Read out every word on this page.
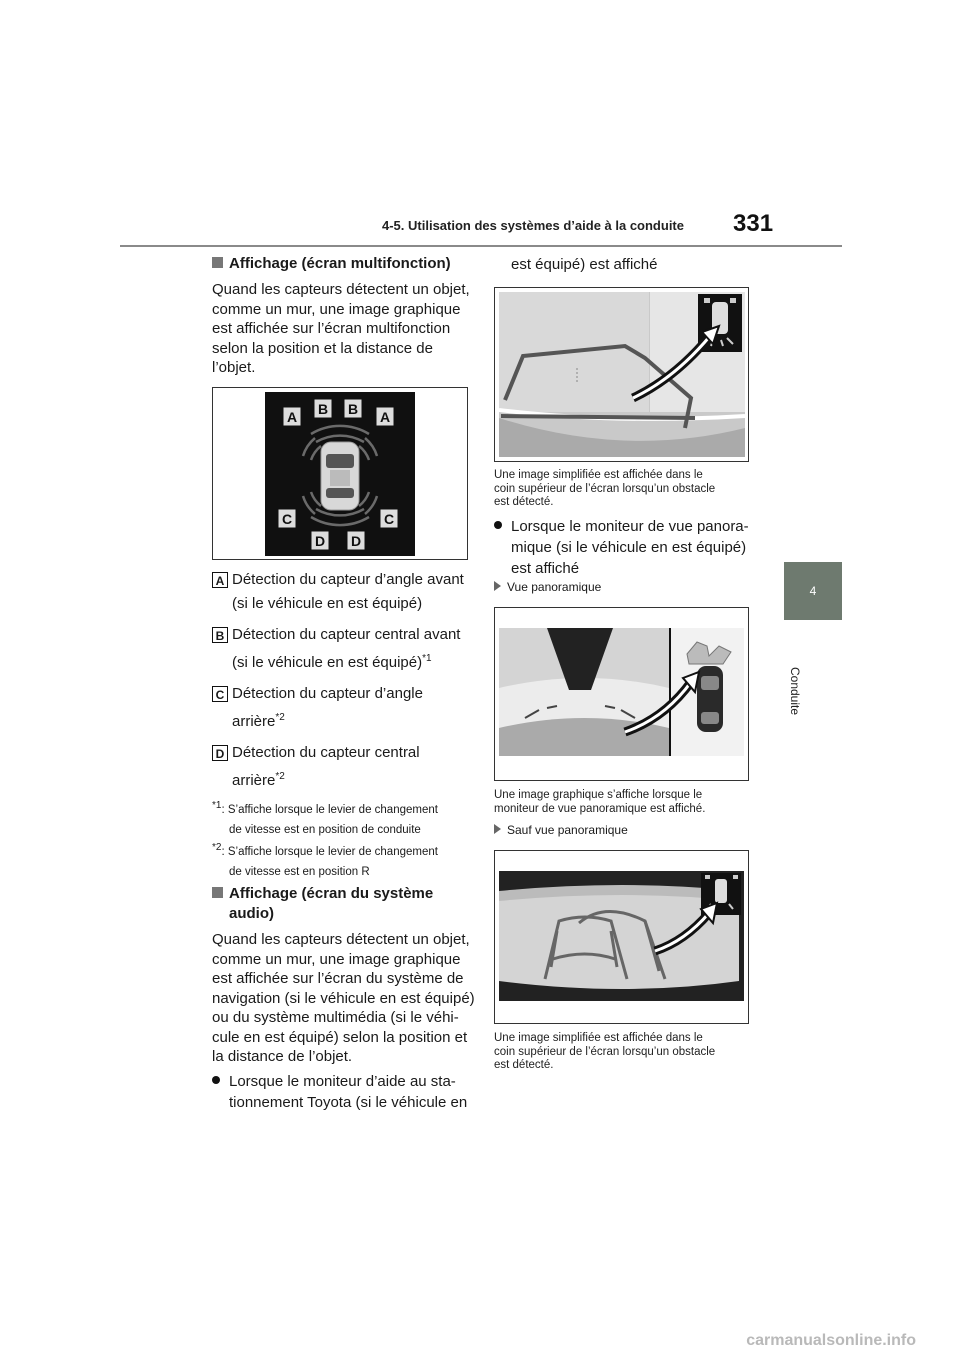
4-5. Utilisation des systèmes d’aide à la conduite 331
4
Conduite
Affichage (écran multifonction)
Quand les capteurs détectent un objet,
comme un mur, une image graphique
est affichée sur l’écran multifonction
selon la position et la distance de
l’objet.
A B B A
C	C
D D
A Détection du capteur d’angle avant
(si le véhicule en est équipé)
B Détection du capteur central avant
(si le véhicule en est équipé)$^{*1}$
C Détection du capteur d’angle
arrière$^{*2}$
D Détection du capteur central
arrière$^{*2}$
$^{*1}$: S’affiche lorsque le levier de changement
de vitesse est en position de conduite
$^{*2}$: S’affiche lorsque le levier de changement
de vitesse est en position R
Affichage (écran du système
audio)
Quand les capteurs détectent un objet,
comme un mur, une image graphique
est affichée sur l’écran du système de
navigation (si le véhicule en est équipé)
ou du système multimédia (si le véhi-
cule en est équipé) selon la position et
la distance de l’objet.
Lorsque le moniteur d’aide au sta-
tionnement Toyota (si le véhicule en
est équipé) est affiché
Une image simplifiée est affichée dans le
coin supérieur de l’écran lorsqu’un obstacle
est détecté.
Lorsque le moniteur de vue panora-
mique (si le véhicule en est équipé)
est affiché
Vue panoramique
Une image graphique s’affiche lorsque le
moniteur de vue panoramique est affiché.
Sauf vue panoramique
Une image simplifiée est affichée dans le
coin supérieur de l’écran lorsqu’un obstacle
est détecté.
carmanualsonline.info
